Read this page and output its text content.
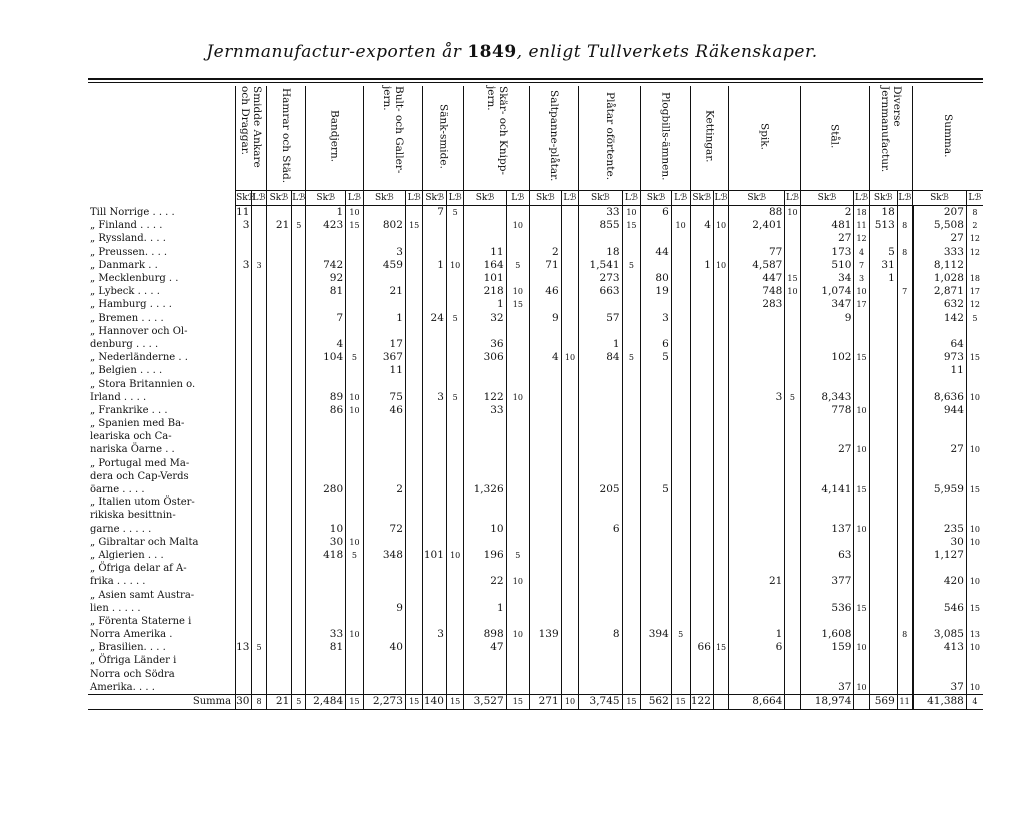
Jernmanufactur-exporten år 1849, enligt Tullverkets Räkenskaper.
	Smidde Ankare och Draggar.		Hamrar och Städ.		Bandjern.		Bult- och Galler-jern.		Sänk-smide.		Skär- och Knipp-jern.		Saltpanne-plåtar.		Plåtar oförtente.		Plogbills-ämnen.		Kettingar.		Spik.		Stål.		Diverse Jernmanufactur.		Summa.	
	Skℬ	Lℬ	Skℬ	Lℬ	Skℬ	Lℬ	Skℬ	Lℬ	Skℬ	Lℬ	Skℬ	Lℬ	Skℬ	Lℬ	Skℬ	Lℬ	Skℬ	Lℬ	Skℬ	Lℬ	Skℬ	Lℬ	Skℬ	Lℬ	Skℬ	Lℬ	Skℬ	Lℬ
Till Norrige . . . .	11				1	10			7	5					33	10	6				88	10	2	18	18		207	8
„ Finland . . . .	3		21	5	423	15	802	15				10			855	15		10	4	10	2,401		481	11	513	8	5,508	2
„ Ryssland. . . .																							27	12			27	12
„ Preussen. . . .							3				11		2		18		44				77		173	4	5	8	333	12
„ Danmark . .	3	3			742		459		1	10	164	5	71		1,541	5			1	10	4,587		510	7	31		8,112	
„ Mecklenburg . .					92						101				273		80				447	15	34	3	1		1,028	18
„ Lybeck . . . .					81		21				218	10	46		663		19				748	10	1,074	10		7	2,871	17
„ Hamburg . . . .											1	15									283		347	17			632	12
„ Bremen . . . .					7		1		24	5	32		9		57		3						9				142	5
„ Hannover och Ol-																												
denburg . . . .					4		17				36				1		6										64	
„ Nederländerne . .					104	5	367				306		4	10	84	5	5						102	15			973	15
„ Belgien . . . .							11																				11	
„ Stora Britannien o.																												
Irland . . . .					89	10	75		3	5	122	10									3	5	8,343				8,636	10
„ Frankrike . . .					86	10	46				33												778	10			944	
„ Spanien med Ba-																												
leariska och Ca-																												
nariska Öarne . .																							27	10			27	10
„ Portugal med Ma-																												
dera och Cap-Verds																												
öarne . . . .					280		2				1,326				205		5						4,141	15			5,959	15
„ Italien utom Öster-																												
rikiska besittnin-																												
garne . . . . .					10		72				10				6								137	10			235	10
„ Gibraltar och Malta					30	10																					30	10
„ Algierien . . .					418	5	348		101	10	196	5											63				1,127	
„ Öfriga delar af A-																												
frika . . . . .											22	10									21		377				420	10
„ Asien samt Austra-																												
lien . . . . .							9				1												536	15			546	15
„ Förenta Staterne i																												
Norra Amerika .					33	10			3		898	10	139		8		394	5			1		1,608			8	3,085	13
„ Brasilien. . . .	13	5			81		40				47								66	15	6		159	10			413	10
„ Öfriga Länder i																												
Norra och Södra																												
Amerika. . . .																							37	10			37	10
Summa	30	8	21	5	2,484	15	2,273	15	140	15	3,527	15	271	10	3,745	15	562	15	122		8,664		18,974		569	11	41,388	4
